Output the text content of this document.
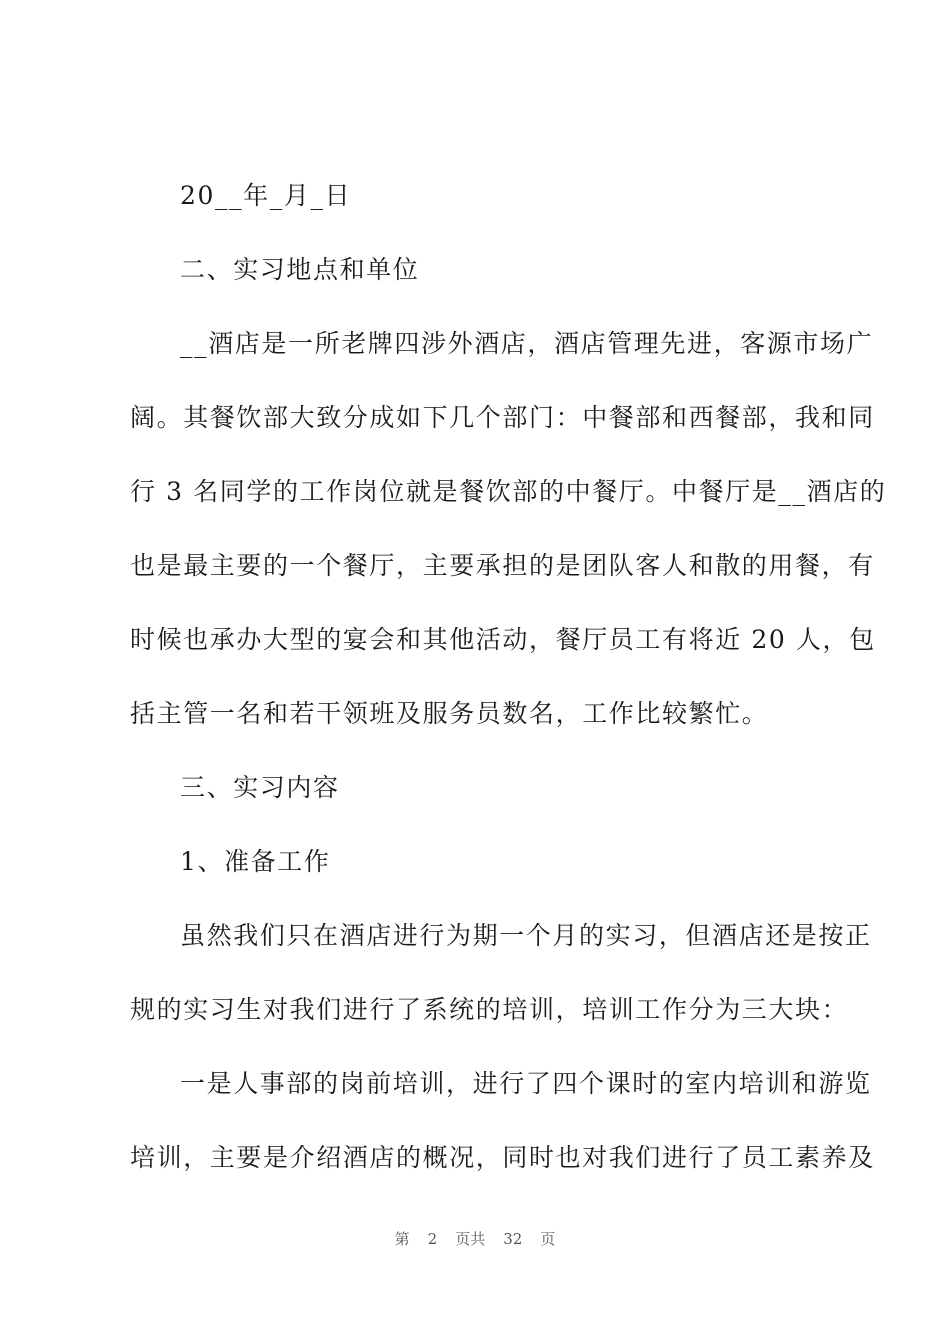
20__年_月_日
二、实习地点和单位
__酒店是一所老牌四涉外酒店，酒店管理先进，客源市场广
阔。其餐饮部大致分成如下几个部门：中餐部和西餐部，我和同
行 3 名同学的工作岗位就是餐饮部的中餐厅。中餐厅是__酒店的
也是最主要的一个餐厅，主要承担的是团队客人和散的用餐，有
时候也承办大型的宴会和其他活动，餐厅员工有将近 20 人，包
括主管一名和若干领班及服务员数名，工作比较繁忙。
三、实习内容
1、准备工作
虽然我们只在酒店进行为期一个月的实习，但酒店还是按正
规的实习生对我们进行了系统的培训，培训工作分为三大块：
一是人事部的岗前培训，进行了四个课时的室内培训和游览
培训，主要是介绍酒店的概况，同时也对我们进行了员工素养及
第 2 页共 32 页
